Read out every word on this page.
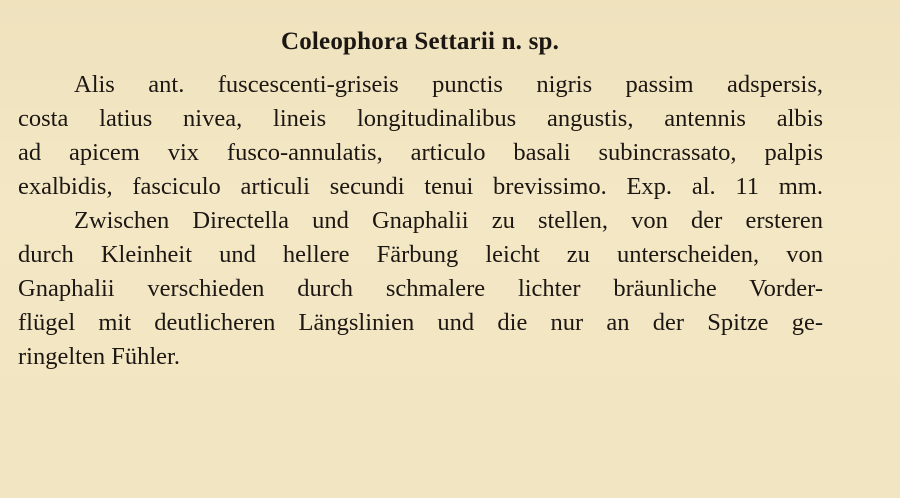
Coleophora Settarii n. sp.
Alis ant. fuscescenti-griseis punctis nigris passim adspersis,
costa latius nivea, lineis longitudinalibus angustis, antennis albis
ad apicem vix fusco-annulatis, articulo basali subincrassato, palpis
exalbidis, fasciculo articuli secundi tenui brevissimo. Exp. al. 11 mm.
Zwischen Directella und Gnaphalii zu stellen, von der ersteren
durch Kleinheit und hellere Färbung leicht zu unterscheiden, von
Gnaphalii verschieden durch schmalere lichter bräunliche Vorder-
flügel mit deutlicheren Längslinien und die nur an der Spitze ge-
ringelten Fühler.
